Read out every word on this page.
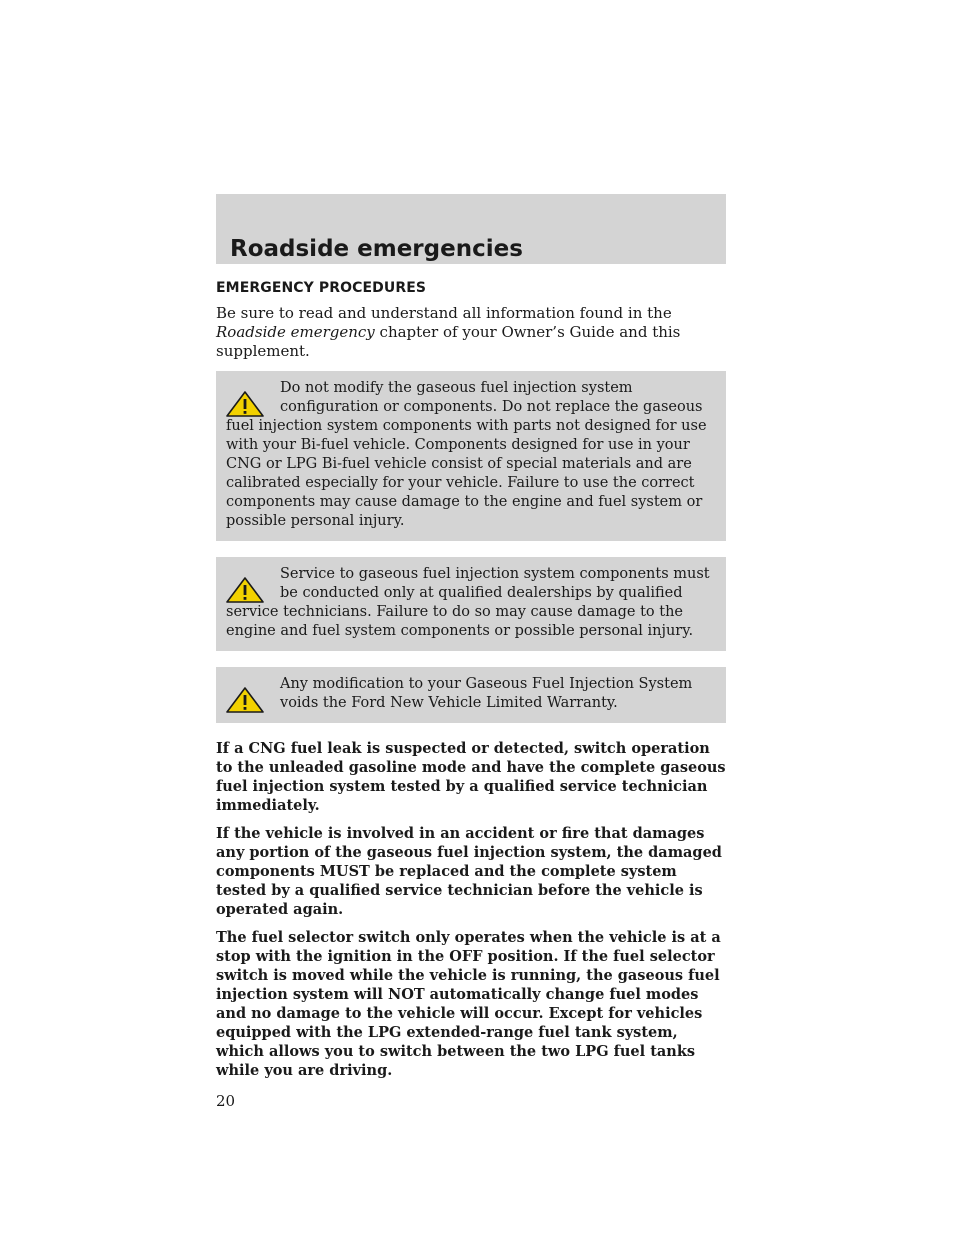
Roadside emergencies
EMERGENCY PROCEDURES

Be sure to read and understand all information found in the Roadside emergency chapter of your Owner’s Guide and this supplement.

Do not modify the gaseous fuel injection system configuration or components. Do not replace the gaseous fuel injection system components with parts not designed for use with your Bi-fuel vehicle. Components designed for use in your CNG or LPG Bi-fuel vehicle consist of special materials and are calibrated especially for your vehicle. Failure to use the correct components may cause damage to the engine and fuel system or possible personal injury.

Service to gaseous fuel injection system components must be conducted only at qualified dealerships by qualified service technicians. Failure to do so may cause damage to the engine and fuel system components or possible personal injury.

Any modification to your Gaseous Fuel Injection System voids the Ford New Vehicle Limited Warranty.

If a CNG fuel leak is suspected or detected, switch operation to the unleaded gasoline mode and have the complete gaseous fuel injection system tested by a qualified service technician immediately.

If the vehicle is involved in an accident or fire that damages any portion of the gaseous fuel injection system, the damaged components MUST be replaced and the complete system tested by a qualified service technician before the vehicle is operated again.

The fuel selector switch only operates when the vehicle is at a stop with the ignition in the OFF position. If the fuel selector switch is moved while the vehicle is running, the gaseous fuel injection system will NOT automatically change fuel modes and no damage to the vehicle will occur. Except for vehicles equipped with the LPG extended-range fuel tank system, which allows you to switch between the two LPG fuel tanks while you are driving.

20
